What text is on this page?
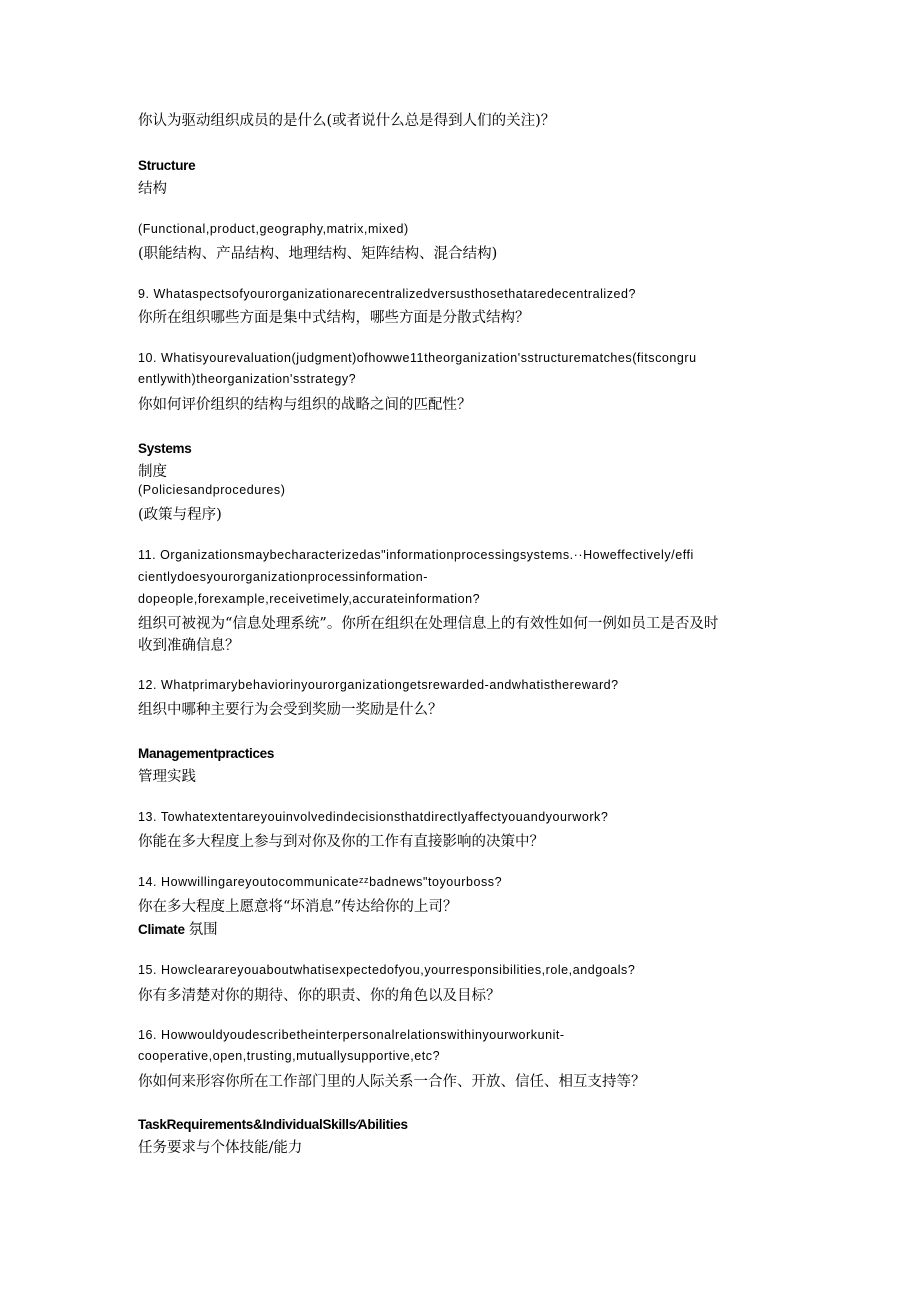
你认为驱动组织成员的是什么(或者说什么总是得到人们的关注)？
Structure
结构
(Functional,product,geography,matrix,mixed)
(职能结构、产品结构、地理结构、矩阵结构、混合结构)
9. Whataspectsofyourorganizationarecentralizedversusthosethataredecentralized?
你所在组织哪些方面是集中式结构，哪些方面是分散式结构？
10. Whatisyourevaluation(judgment)ofhowwe11theorganization'sstructurematches(fitscongru
entlywith)theorganization'sstrategy?
你如何评价组织的结构与组织的战略之间的匹配性？
Systems
制度
(Policiesandprocedures)
(政策与程序)
11. Organizationsmaybecharacterizedas"informationprocessingsystems.··Howeffectively/effi
cientlydoesyourorganizationprocessinformation-
dopeople,forexample,receivetimely,accurateinformation?
组织可被视为“信息处理系统”。你所在组织在处理信息上的有效性如何一例如员工是否及时
收到准确信息？
12. Whatprimarybehaviorinyourorganizationgetsrewarded-andwhatisthereward?
组织中哪种主要行为会受到奖励一奖励是什么？
Managementpractices
管理实践
13. Towhatextentareyouinvolvedindecisionsthatdirectlyaffectyouandyourwork?
你能在多大程度上参与到对你及你的工作有直接影响的决策中？
14. Howwillingareyoutocommunicateᶻᶻbadnews"toyourboss?
你在多大程度上愿意将“坏消息”传达给你的上司？
Climate 氛围
15. Howclearareyouaboutwhatisexpectedofyou,yourresponsibilities,role,andgoals?
你有多清楚对你的期待、你的职责、你的角色以及目标？
16. Howwouldyoudescribetheinterpersonalrelationswithinyourworkunit-
cooperative,open,trusting,mutuallysupportive,etc?
你如何来形容你所在工作部门里的人际关系一合作、开放、信任、相互支持等？
TaskRequirements&IndividualSkills∕Abilities
任务要求与个体技能/能力
